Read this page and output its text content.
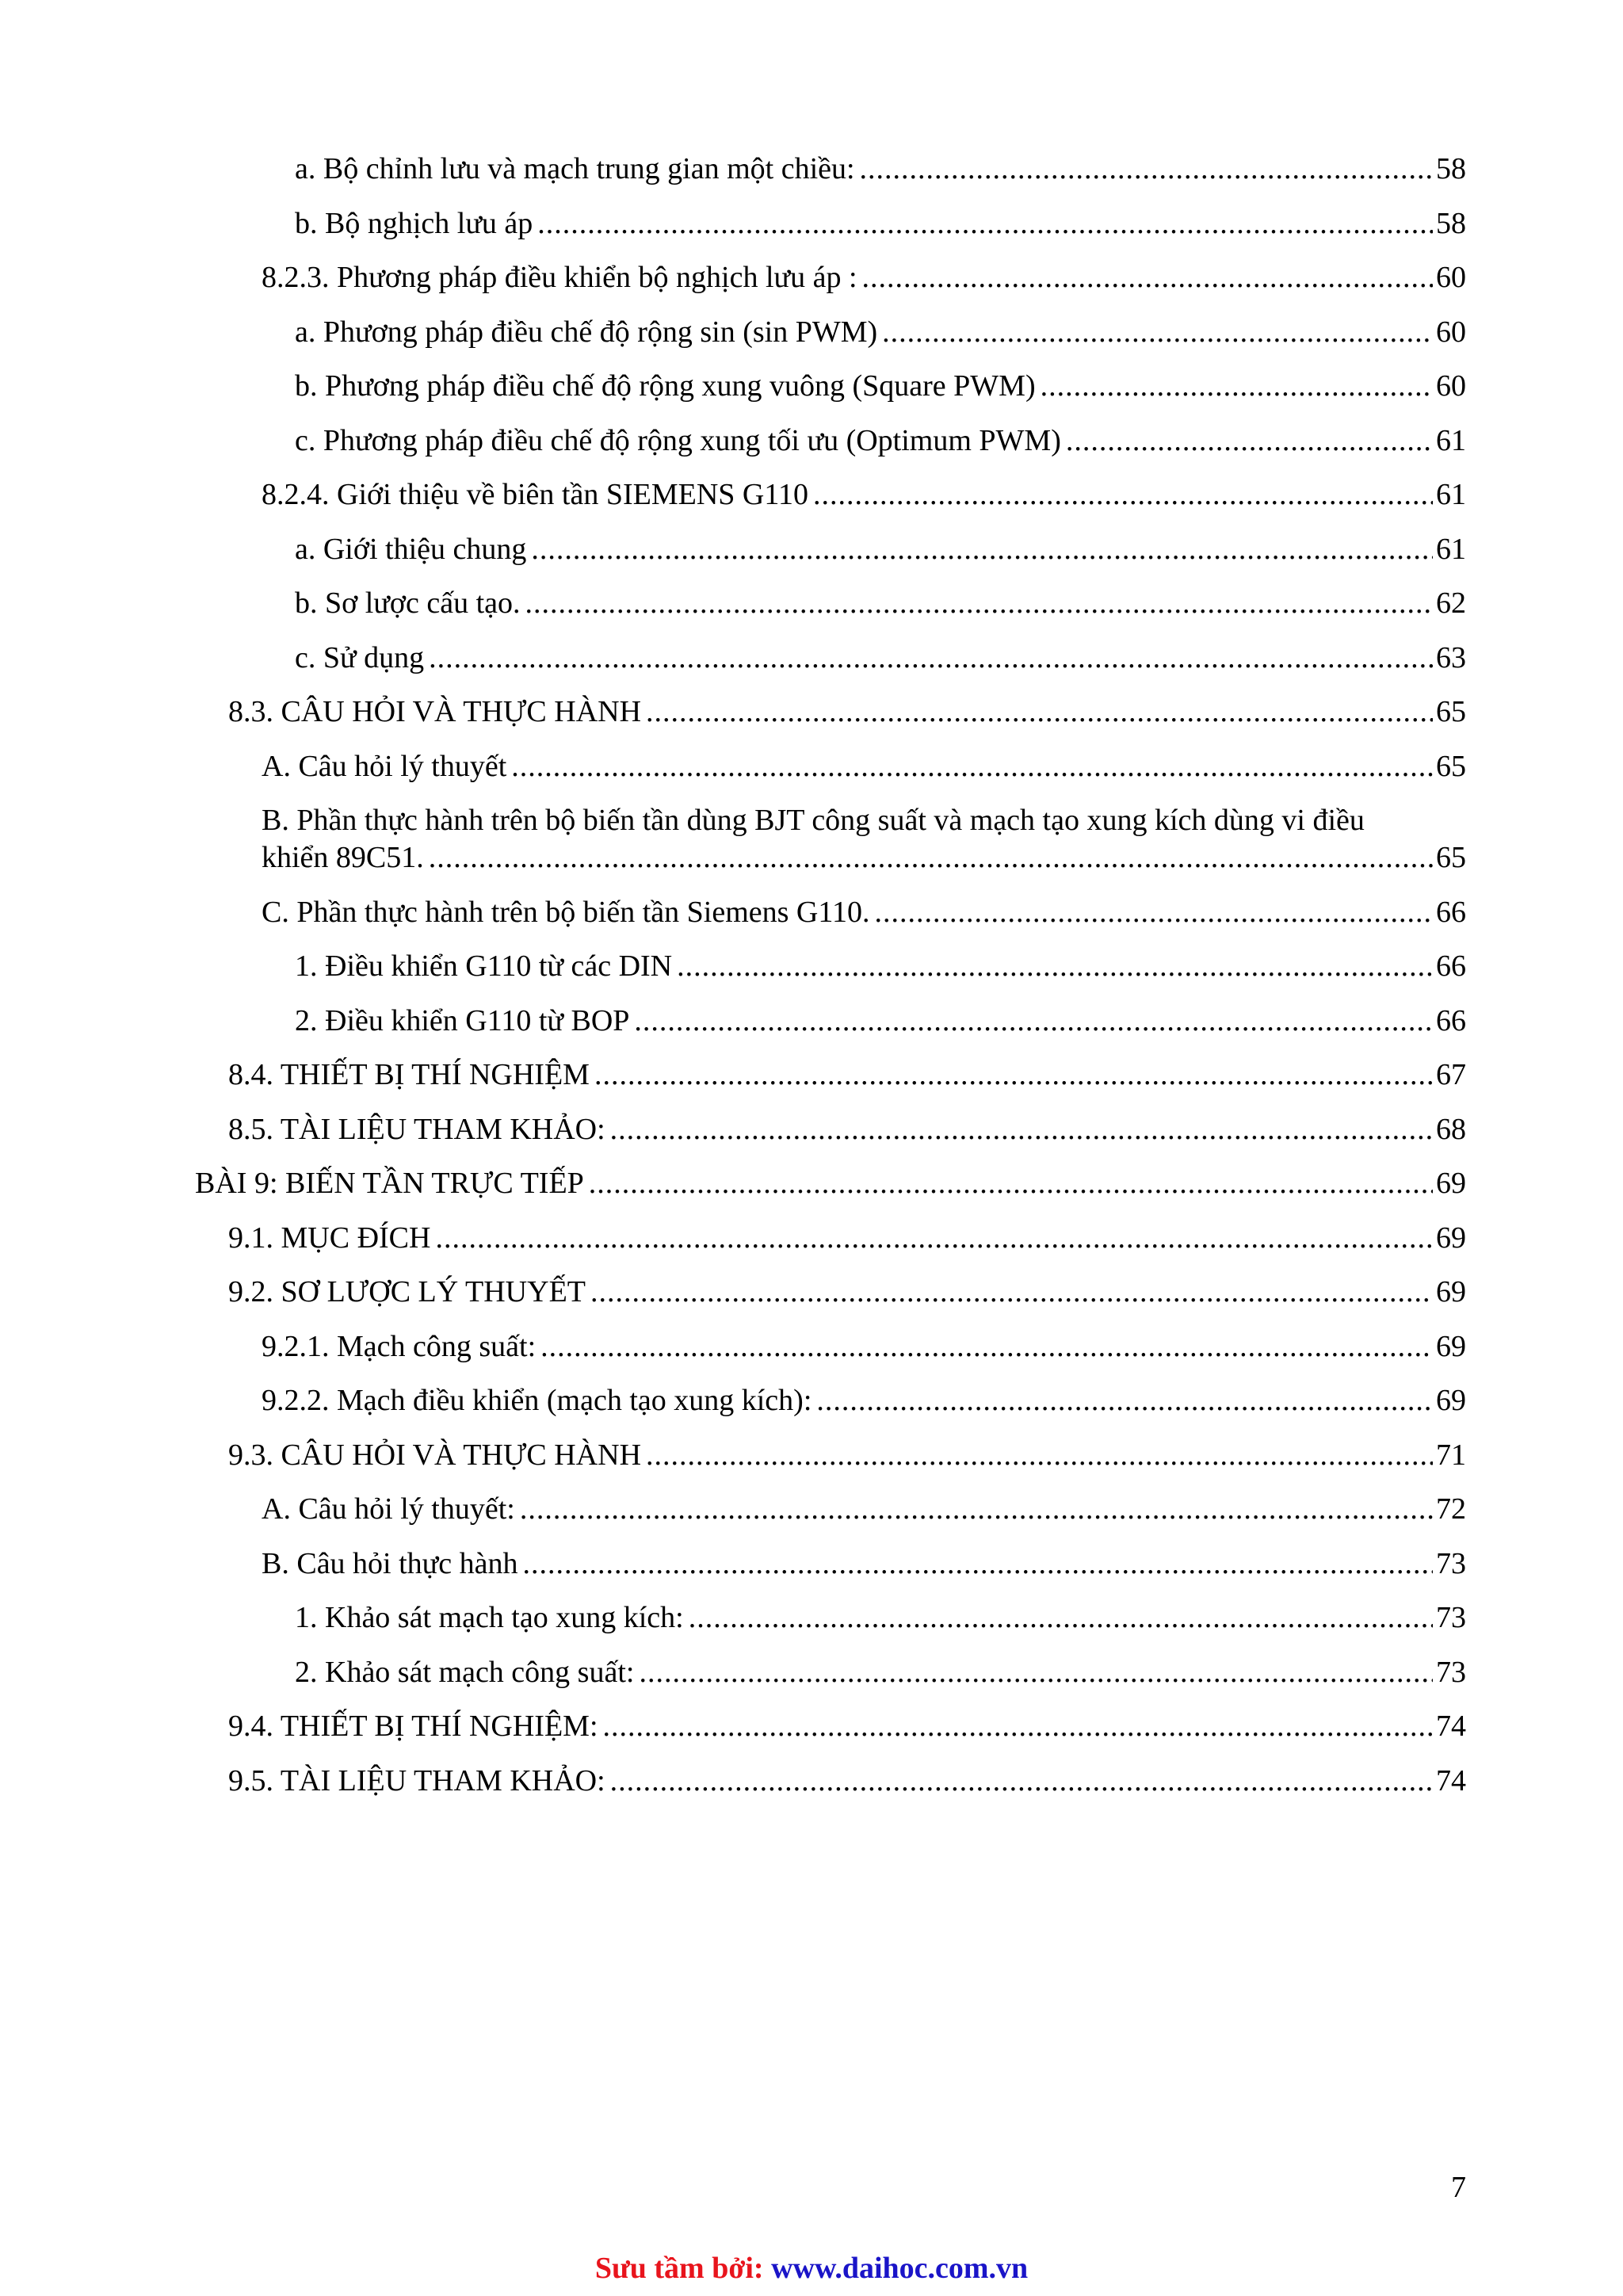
a. Bộ chỉnh lưu và mạch trung gian một chiều: .....	58
b. Bộ nghịch lưu áp .....	58
8.2.3. Phương pháp điều khiển bộ nghịch lưu áp : .....	60
a. Phương pháp điều chế độ rộng sin (sin PWM) .....	60
b. Phương pháp điều chế độ rộng xung vuông (Square PWM) .....	60
c. Phương pháp điều chế độ rộng xung tối ưu (Optimum PWM) .....	61
8.2.4. Giới thiệu về biên tần SIEMENS G110 .....	61
a. Giới thiệu chung .....	61
b. Sơ lược cấu tạo. .....	62
c. Sử dụng .....	63
8.3. CÂU HỎI VÀ THỰC HÀNH .....	65
A. Câu hỏi lý thuyết .....	65
B. Phần thực hành trên bộ biến tần dùng BJT công suất và mạch tạo xung kích dùng vi điều
khiển 89C51. .....	65
C. Phần thực hành trên bộ biến tần Siemens G110. .....	66
1. Điều khiển G110 từ các DIN .....	66
2. Điều khiển G110 từ BOP .....	66
8.4. THIẾT BỊ THÍ NGHIỆM .....	67
8.5. TÀI LIỆU THAM KHẢO: .....	68
BÀI 9: BIẾN TẦN TRỰC TIẾP .....	69
9.1. MỤC ĐÍCH .....	69
9.2. SƠ LƯỢC LÝ THUYẾT .....	69
9.2.1. Mạch công suất: .....	69
9.2.2. Mạch điều khiển (mạch tạo xung kích): .....	69
9.3. CÂU HỎI VÀ THỰC HÀNH .....	71
A. Câu hỏi lý thuyết: .....	72
B. Câu hỏi thực hành .....	73
1. Khảo sát mạch tạo xung kích: .....	73
2. Khảo sát mạch công suất: .....	73
9.4. THIẾT BỊ THÍ NGHIỆM: .....	74
9.5. TÀI LIỆU THAM KHẢO: .....	74
7
Sưu tầm bởi: www.daihoc.com.vn
